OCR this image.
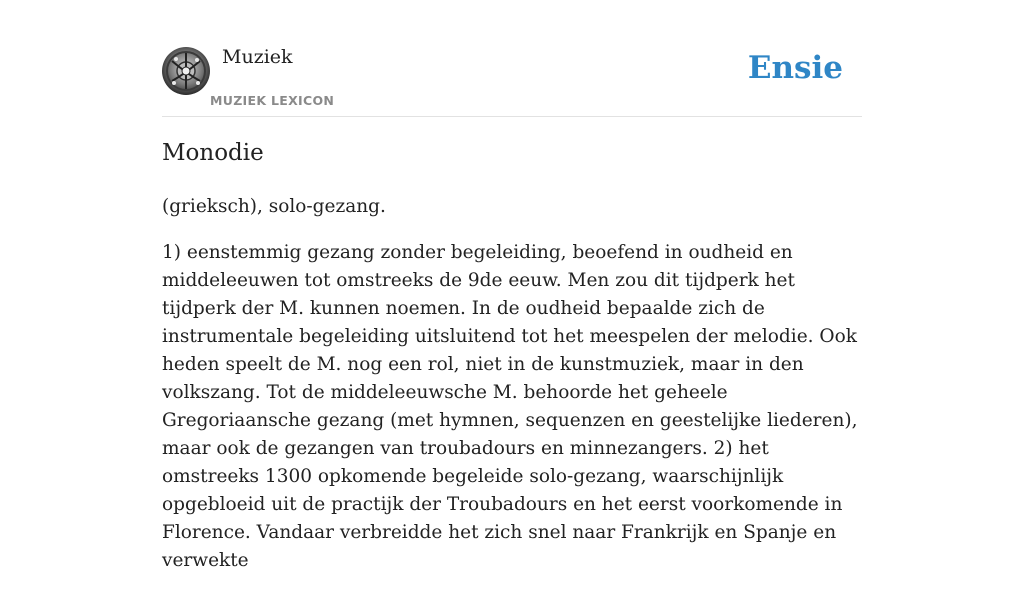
Muziek
MUZIEK LEXICON
Ensie
Monodie

(grieksch), solo-gezang.

1) eenstemmig gezang zonder begeleiding, beoefend in oudheid en middeleeuwen tot omstreeks de 9de eeuw. Men zou dit tijdperk het tijdperk der M. kunnen noemen. In de oudheid bepaalde zich de instrumentale begeleiding uitsluitend tot het meespelen der melodie. Ook heden speelt de M. nog een rol, niet in de kunstmuziek, maar in den volkszang. Tot de middeleeuwsche M. behoorde het geheele Gregoriaansche gezang (met hymnen, sequenzen en geestelijke liederen), maar ook de gezangen van troubadours en minnezangers. 2) het omstreeks 1300 opkomende begeleide solo-gezang, waarschijnlijk opgebloeid uit de practijk der Troubadours en het eerst voorkomende in Florence. Vandaar verbreidde het zich snel naar Frankrijk en Spanje en verwekte
